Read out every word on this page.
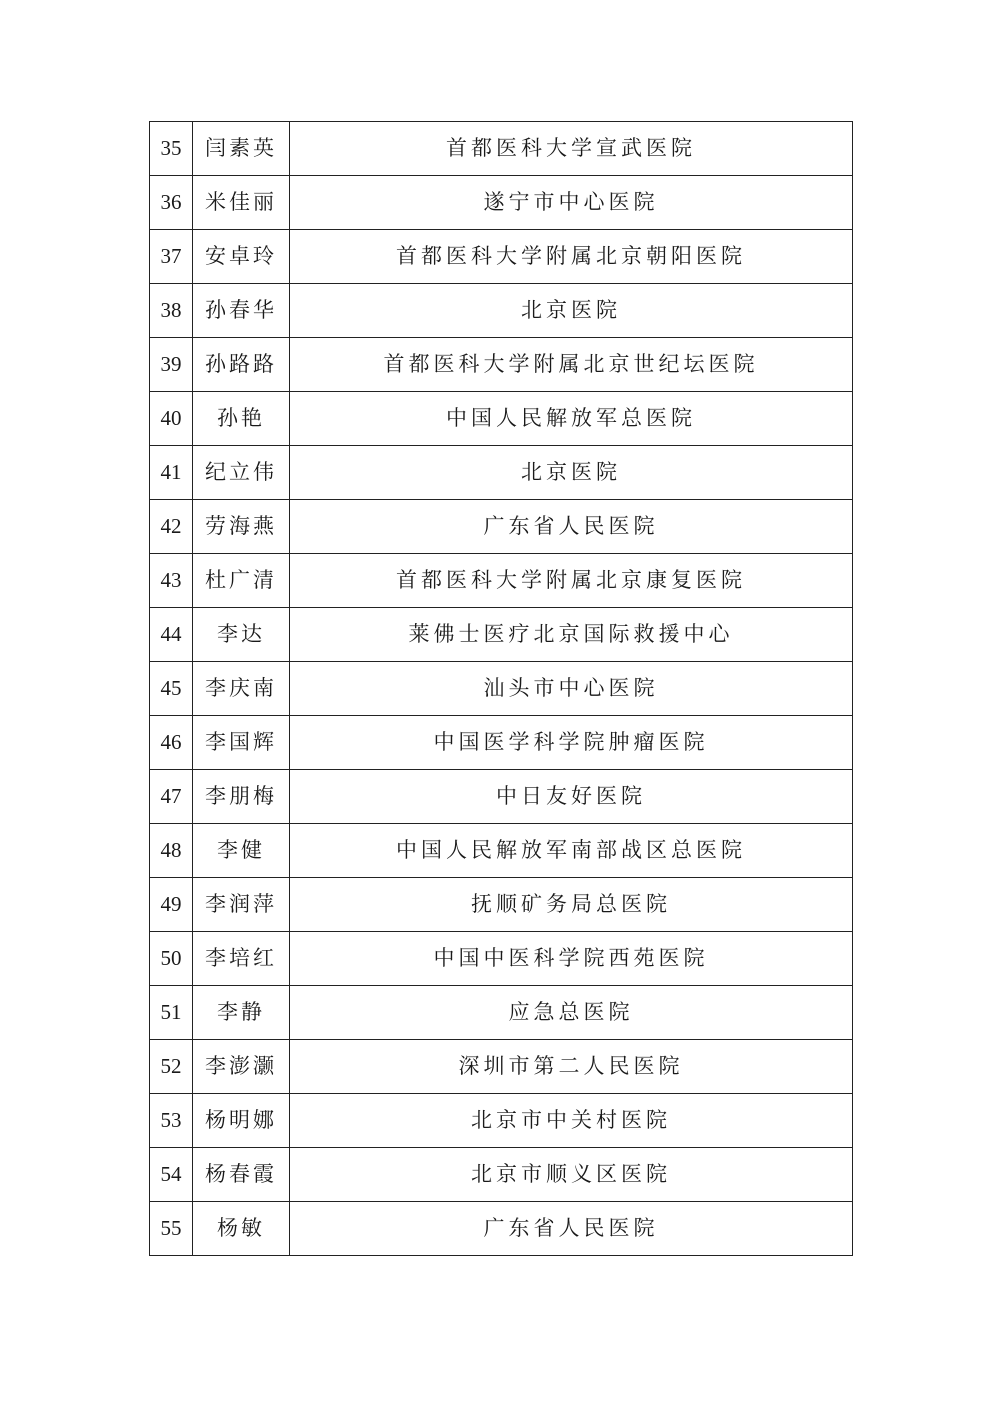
35	闫素英	首都医科大学宣武医院
36	米佳丽	遂宁市中心医院
37	安卓玲	首都医科大学附属北京朝阳医院
38	孙春华	北京医院
39	孙路路	首都医科大学附属北京世纪坛医院
40	孙艳	中国人民解放军总医院
41	纪立伟	北京医院
42	劳海燕	广东省人民医院
43	杜广清	首都医科大学附属北京康复医院
44	李达	莱佛士医疗北京国际救援中心
45	李庆南	汕头市中心医院
46	李国辉	中国医学科学院肿瘤医院
47	李朋梅	中日友好医院
48	李健	中国人民解放军南部战区总医院
49	李润萍	抚顺矿务局总医院
50	李培红	中国中医科学院西苑医院
51	李静	应急总医院
52	李澎灏	深圳市第二人民医院
53	杨明娜	北京市中关村医院
54	杨春霞	北京市顺义区医院
55	杨敏	广东省人民医院
